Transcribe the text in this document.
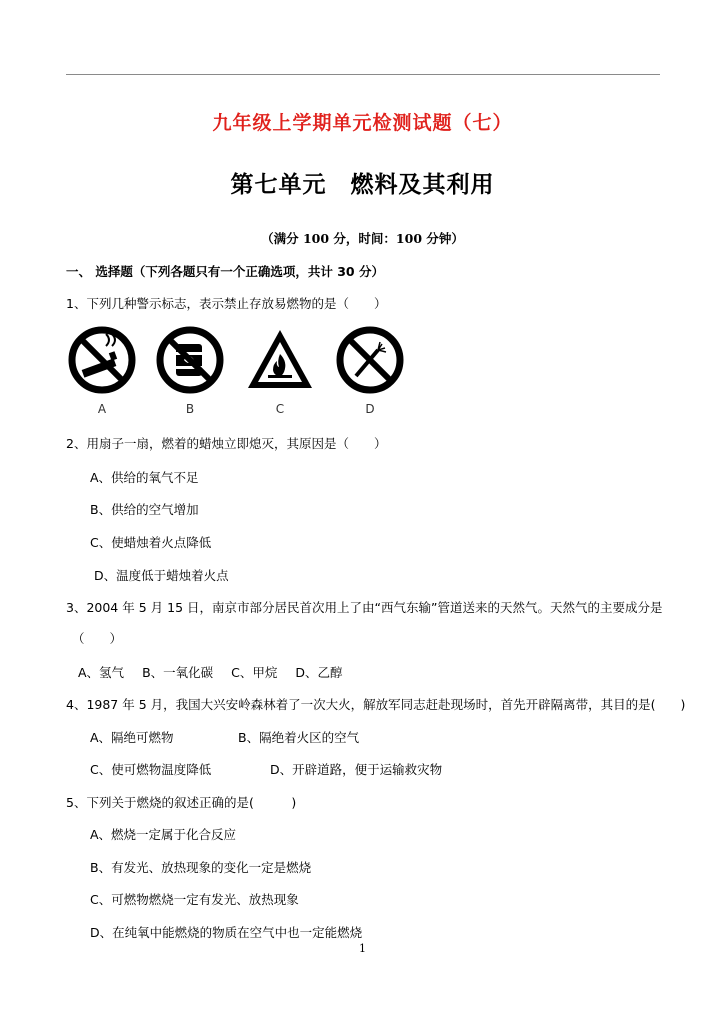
九年级上学期单元检测试题（七）
第七单元 燃料及其利用
（满分 100 分，时间：100 分钟）
一、 选择题（下列各题只有一个正确选项，共计 30 分）
1、下列几种警示标志，表示禁止存放易燃物的是（　　）
A	B	C	D
2、用扇子一扇，燃着的蜡烛立即熄灭，其原因是（　　）
A、供给的氧气不足
B、供给的空气增加
C、使蜡烛着火点降低
D、温度低于蜡烛着火点
3、2004 年 5 月 15 日，南京市部分居民首次用上了由“西气东输”管道送来的天然气。天然气的主要成分是
（　　）
A、氢气 B、一氧化碳 C、甲烷 D、乙醇
4、1987 年 5 月，我国大兴安岭森林着了一次大火，解放军同志赶赴现场时，首先开辟隔离带，其目的是(　　)
A、隔绝可燃物	B、隔绝着火区的空气
C、使可燃物温度降低	D、开辟道路，便于运输救灾物
5、下列关于燃烧的叙述正确的是(　　　)
A、燃烧一定属于化合反应
B、有发光、放热现象的变化一定是燃烧
C、可燃物燃烧一定有发光、放热现象
D、在纯氧中能燃烧的物质在空气中也一定能燃烧
1
